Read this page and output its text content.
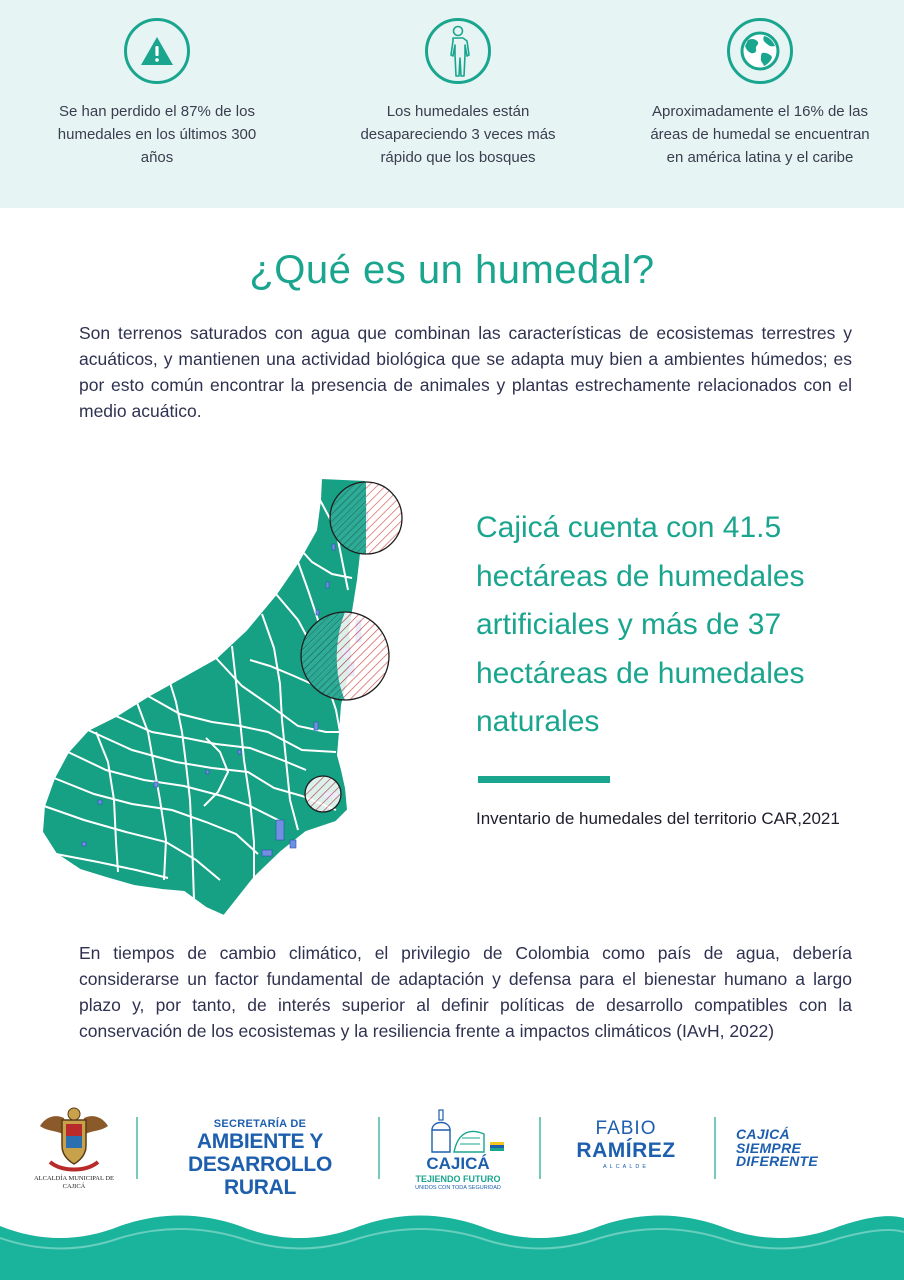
Se han perdido el 87% de los humedales en los últimos 300 años

Los humedales están desapareciendo 3 veces más rápido que los bosques

Aproximadamente el 16% de las áreas de humedal se encuentran en américa latina y el caribe

¿Qué es un humedal?

Son terrenos saturados con agua que combinan las características de ecosistemas terrestres y acuáticos, y mantienen una actividad biológica que se adapta muy bien a ambientes húmedos; es por esto común encontrar la presencia de animales y plantas estrechamente relacionados con el medio acuático.

Cajicá cuenta con 41.5 hectáreas de humedales artificiales y más de 37 hectáreas de humedales naturales
Inventario de humedales del territorio CAR,2021

En tiempos de cambio climático, el privilegio de Colombia como país de agua, debería considerarse un factor fundamental de adaptación y defensa para el bienestar humano a largo plazo y, por tanto, de interés superior al definir políticas de desarrollo compatibles con la conservación de los ecosistemas y la resiliencia frente a impactos climáticos (IAvH, 2022)

ALCALDÍA MUNICIPAL DE CAJICÁ
SECRETARÍA DE
AMBIENTE Y
DESARROLLO RURAL
CAJICÁ
TEJIENDO FUTURO
UNIDOS CON TODA SEGURIDAD
FABIO
RAMÍREZ
ALCALDE
CAJICÁ
SIEMPRE
DIFERENTE
